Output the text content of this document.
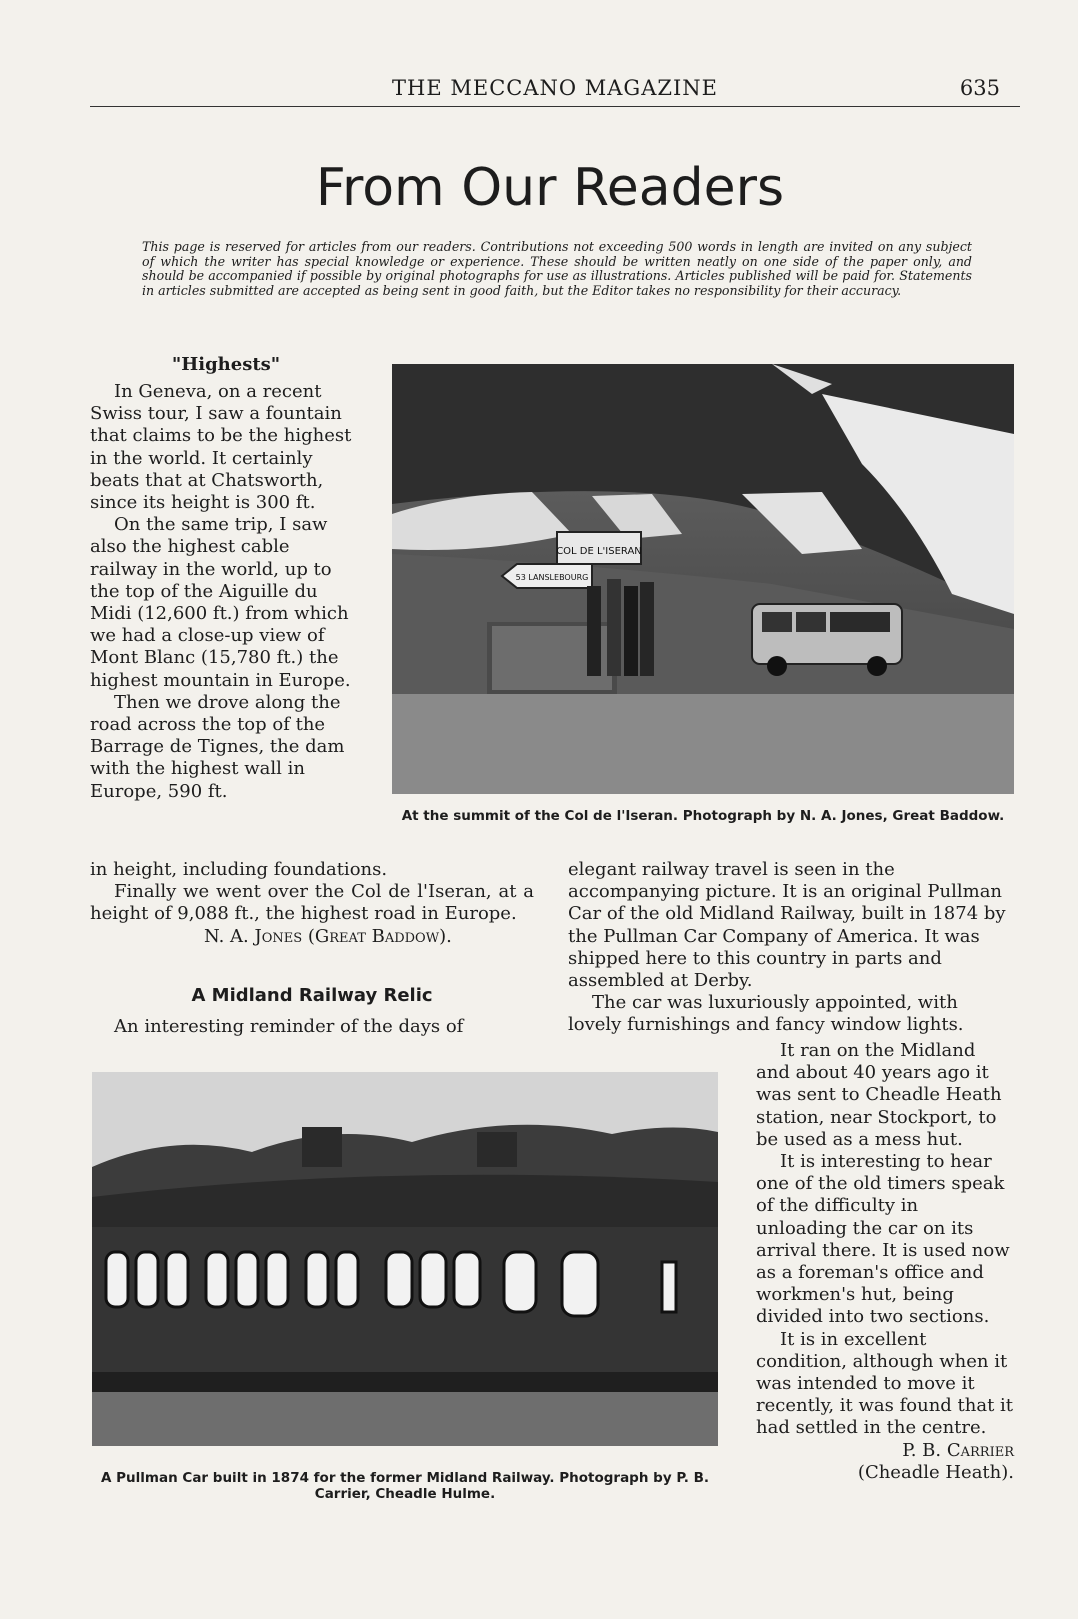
THE MECCANO MAGAZINE	635
From Our Readers
This page is reserved for articles from our readers. Contributions not exceeding 500 words in length are invited on any subject of which the writer has special knowledge or experience. These should be written neatly on one side of the paper only, and should be accompanied if possible by original photographs for use as illustrations. Articles published will be paid for. Statements in articles submitted are accepted as being sent in good faith, but the Editor takes no responsibility for their accuracy.
"Highests"

In Geneva, on a recent Swiss tour, I saw a fountain that claims to be the highest in the world. It certainly beats that at Chatsworth, since its height is 300 ft.

On the same trip, I saw also the highest cable railway in the world, up to the top of the Aiguille du Midi (12,600 ft.) from which we had a close-up view of Mont Blanc (15,780 ft.) the highest mountain in Europe.

Then we drove along the road across the top of the Barrage de Tignes, the dam with the highest wall in Europe, 590 ft.

COL DE L'ISERAN
53 LANSLEBOURG
At the summit of the Col de l'Iseran. Photograph by N. A. Jones, Great Baddow.

in height, including foundations.

Finally we went over the Col de l'Iseran, at a height of 9,088 ft., the highest road in Europe.

N. A. Jones (Great Baddow).

A Midland Railway Relic

An interesting reminder of the days of

elegant railway travel is seen in the accompanying picture. It is an original Pullman Car of the old Midland Railway, built in 1874 by the Pullman Car Company of America. It was shipped here to this country in parts and assembled at Derby.

The car was luxuriously appointed, with lovely furnishings and fancy window lights.

It ran on the Midland and about 40 years ago it was sent to Cheadle Heath station, near Stockport, to be used as a mess hut.

It is interesting to hear one of the old timers speak of the difficulty in unloading the car on its arrival there. It is used now as a foreman's office and workmen's hut, being divided into two sections.

It is in excellent condition, although when it was intended to move it recently, it was found that it had settled in the centre.

P. B. Carrier

(Cheadle Heath).

A Pullman Car built in 1874 for the former Midland Railway. Photograph by P. B. Carrier, Cheadle Hulme.
